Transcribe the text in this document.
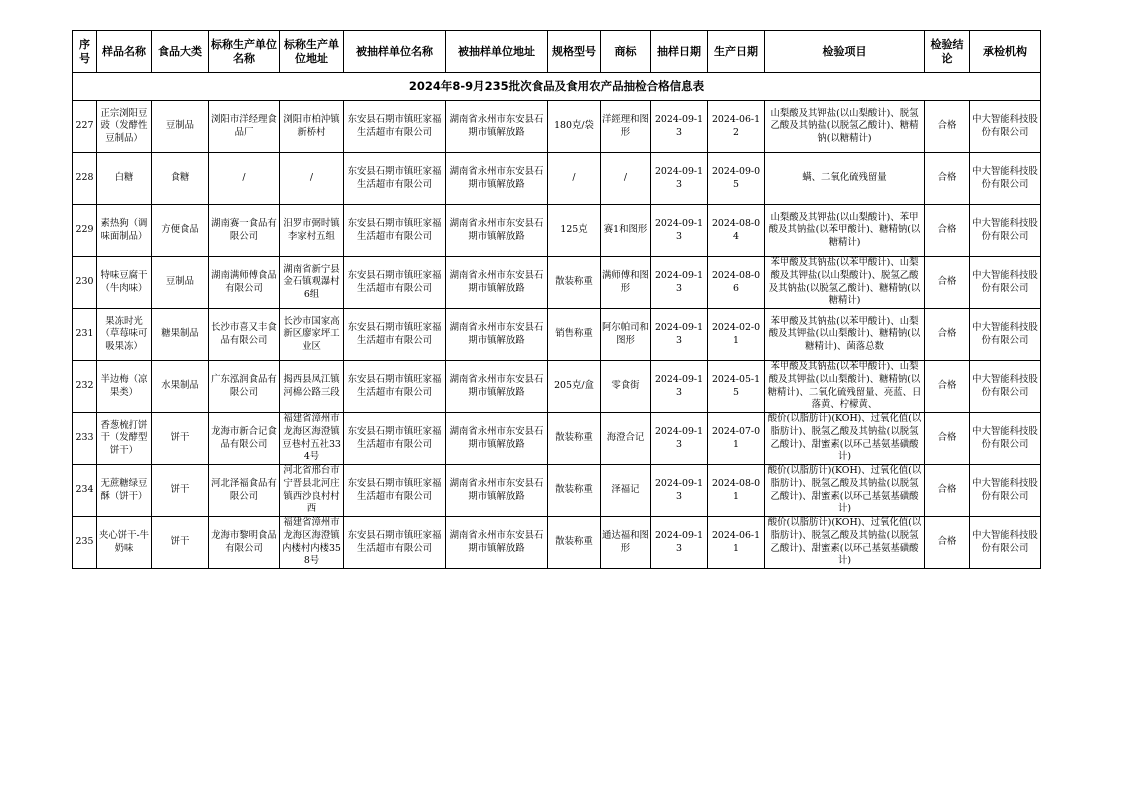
2024年8-9月235批次食品及食用农产品抽检合格信息表													
序号	样品名称	食品大类	标称生产单位名称	标称生产单位地址	被抽样单位名称	被抽样单位地址	规格型号	商标	抽样日期	生产日期	检验项目	检验结论	承检机构
227	正宗浏阳豆豉（发酵性豆制品）	豆制品	浏阳市洋经理食品厂	浏阳市柏沖镇新桥村	东安县石期市镇旺家福生活超市有限公司	湖南省永州市东安县石期市镇解放路	180克/袋	洋經理和图形	2024-09-13	2024-06-12	山梨酸及其钾盐(以山梨酸计)、脱氢乙酸及其钠盐(以脱氢乙酸计)、糖精钠(以糖精计)	合格	中大智能科技股份有限公司
228	白糖	食糖	/	/	东安县石期市镇旺家福生活超市有限公司	湖南省永州市东安县石期市镇解放路	/	/	2024-09-13	2024-09-05	螨、二氧化硫残留量	合格	中大智能科技股份有限公司
229	素热狗（调味面制品）	方便食品	湖南赛一食品有限公司	汨罗市弼时镇李家村五组	东安县石期市镇旺家福生活超市有限公司	湖南省永州市东安县石期市镇解放路	125克	赛1和图形	2024-09-13	2024-08-04	山梨酸及其钾盐(以山梨酸计)、苯甲酸及其钠盐(以苯甲酸计)、糖精钠(以糖精计)	合格	中大智能科技股份有限公司
230	特味豆腐干（牛肉味）	豆制品	湖南满师傅食品有限公司	湖南省新宁县金石镇观瀑村6组	东安县石期市镇旺家福生活超市有限公司	湖南省永州市东安县石期市镇解放路	散装称重	满师傅和图形	2024-09-13	2024-08-06	苯甲酸及其钠盐(以苯甲酸计)、山梨酸及其钾盐(以山梨酸计)、脱氢乙酸及其钠盐(以脱氢乙酸计)、糖精钠(以糖精计)	合格	中大智能科技股份有限公司
231	果冻时光（草莓味可吸果冻）	糖果制品	长沙市喜又丰食品有限公司	长沙市国家高新区廖家坪工业区	东安县石期市镇旺家福生活超市有限公司	湖南省永州市东安县石期市镇解放路	销售称重	阿尔帕司和图形	2024-09-13	2024-02-01	苯甲酸及其钠盐(以苯甲酸计)、山梨酸及其钾盐(以山梨酸计)、糖精钠(以糖精计)、菌落总数	合格	中大智能科技股份有限公司
232	半边梅（凉果类）	水果制品	广东泓润食品有限公司	揭西县凤江镇河棉公路三段	东安县石期市镇旺家福生活超市有限公司	湖南省永州市东安县石期市镇解放路	205克/盒	零食街	2024-09-13	2024-05-15	苯甲酸及其钠盐(以苯甲酸计)、山梨酸及其钾盐(以山梨酸计)、糖精钠(以糖精计)、二氧化硫残留量、亮蓝、日落黄、柠檬黄、	合格	中大智能科技股份有限公司
233	香葱梳打饼干（发酵型饼干）	饼干	龙海市新合记食品有限公司	福建省漳州市龙海区海澄镇豆巷村五社334号	东安县石期市镇旺家福生活超市有限公司	湖南省永州市东安县石期市镇解放路	散装称重	海澄合记	2024-09-13	2024-07-01	酸价(以脂肪计)(KOH)、过氧化值(以脂肪计)、脱氢乙酸及其钠盐(以脱氢乙酸计)、甜蜜素(以环己基氨基磺酸计)	合格	中大智能科技股份有限公司
234	无蔗糖绿豆酥（饼干）	饼干	河北泽福食品有限公司	河北省邢台市宁晋县北河庄镇西沙良村村西	东安县石期市镇旺家福生活超市有限公司	湖南省永州市东安县石期市镇解放路	散装称重	泽福记	2024-09-13	2024-08-01	酸价(以脂肪计)(KOH)、过氧化值(以脂肪计)、脱氢乙酸及其钠盐(以脱氢乙酸计)、甜蜜素(以环己基氨基磺酸计)	合格	中大智能科技股份有限公司
235	夹心饼干-牛奶味	饼干	龙海市黎明食品有限公司	福建省漳州市龙海区海澄镇内楼村内楼358号	东安县石期市镇旺家福生活超市有限公司	湖南省永州市东安县石期市镇解放路	散装称重	通达福和图形	2024-09-13	2024-06-11	酸价(以脂肪计)(KOH)、过氧化值(以脂肪计)、脱氢乙酸及其钠盐(以脱氢乙酸计)、甜蜜素(以环己基氨基磺酸计)	合格	中大智能科技股份有限公司
